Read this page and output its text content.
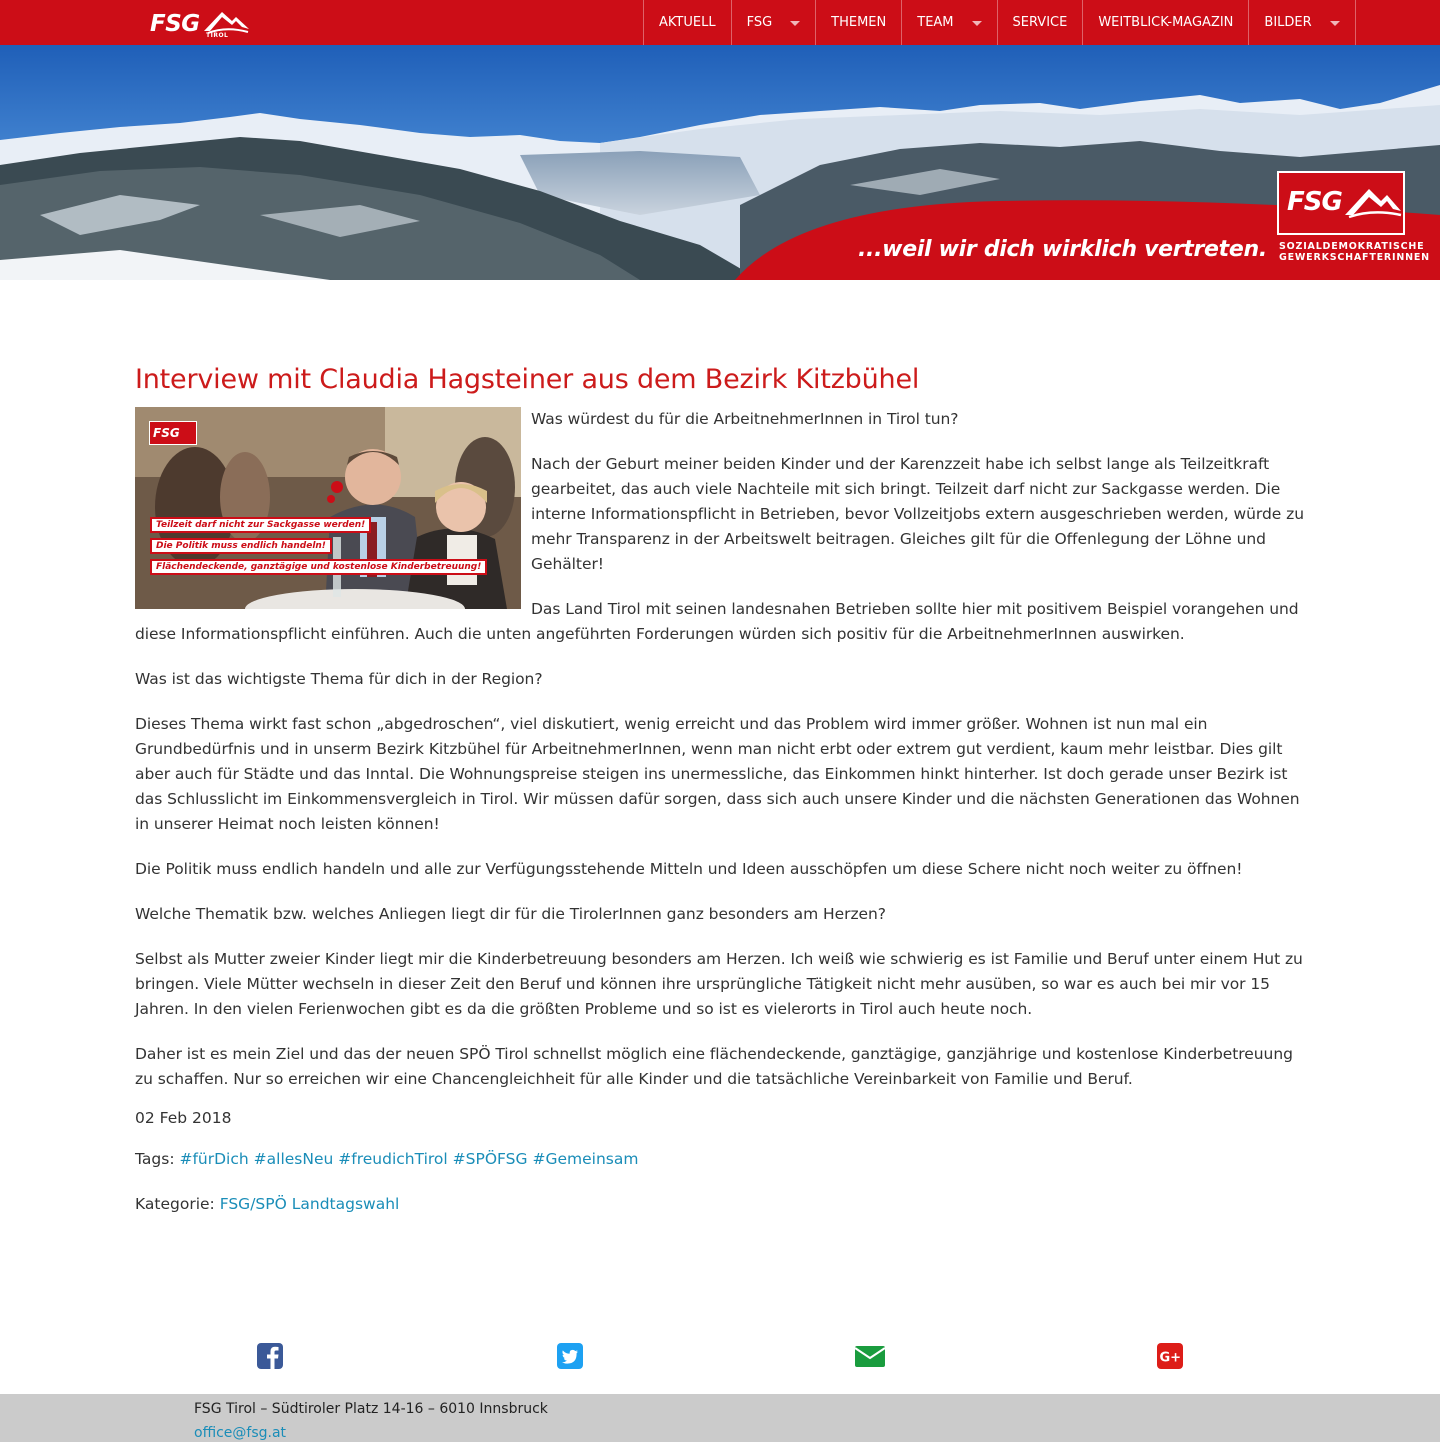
FSG TIROL
AKTUELL FSG	THEMEN TEAM	SERVICE WEITBLICK-MAGAZIN BILDER
...weil wir dich wirklich vertreten.
FSG
SOZIALDEMOKRATISCHE
GEWERKSCHAFTERINNEN
Interview mit Claudia Hagsteiner aus dem Bezirk Kitzbühel
FSG
Teilzeit darf nicht zur Sackgasse werden!
Die Politik muss endlich handeln!
Flächendeckende, ganztägige und kostenlose Kinderbetreuung!

Was würdest du für die ArbeitnehmerInnen in Tirol tun?

Nach der Geburt meiner beiden Kinder und der Karenzzeit habe ich selbst lange als Teilzeitkraft gearbeitet, das auch viele Nachteile mit sich bringt. Teilzeit darf nicht zur Sackgasse werden. Die interne Informationspflicht in Betrieben, bevor Vollzeitjobs extern ausgeschrieben werden, würde zu mehr Transparenz in der Arbeitswelt beitragen. Gleiches gilt für die Offenlegung der Löhne und Gehälter!

Das Land Tirol mit seinen landesnahen Betrieben sollte hier mit positivem Beispiel vorangehen und diese Informationspflicht einführen. Auch die unten angeführten Forderungen würden sich positiv für die ArbeitnehmerInnen auswirken.

Was ist das wichtigste Thema für dich in der Region?

Dieses Thema wirkt fast schon „abgedroschen“, viel diskutiert, wenig erreicht und das Problem wird immer größer. Wohnen ist nun mal ein Grundbedürfnis und in unserm Bezirk Kitzbühel für ArbeitnehmerInnen, wenn man nicht erbt oder extrem gut verdient, kaum mehr leistbar. Dies gilt aber auch für Städte und das Inntal. Die Wohnungspreise steigen ins unermessliche, das Einkommen hinkt hinterher. Ist doch gerade unser Bezirk ist das Schlusslicht im Einkommensvergleich in Tirol. Wir müssen dafür sorgen, dass sich auch unsere Kinder und die nächsten Generationen das Wohnen in unserer Heimat noch leisten können!

Die Politik muss endlich handeln und alle zur Verfügungsstehende Mitteln und Ideen ausschöpfen um diese Schere nicht noch weiter zu öffnen!

Welche Thematik bzw. welches Anliegen liegt dir für die TirolerInnen ganz besonders am Herzen?

Selbst als Mutter zweier Kinder liegt mir die Kinderbetreuung besonders am Herzen. Ich weiß wie schwierig es ist Familie und Beruf unter einem Hut zu bringen. Viele Mütter wechseln in dieser Zeit den Beruf und können ihre ursprüngliche Tätigkeit nicht mehr ausüben, so war es auch bei mir vor 15 Jahren. In den vielen Ferienwochen gibt es da die größten Probleme und so ist es vielerorts in Tirol auch heute noch.

Daher ist es mein Ziel und das der neuen SPÖ Tirol schnellst möglich eine flächendeckende, ganztägige, ganzjährige und kostenlose Kinderbetreuung zu schaffen. Nur so erreichen wir eine Chancengleichheit für alle Kinder und die tatsächliche Vereinbarkeit von Familie und Beruf.

02 Feb 2018
Tags: #fürDich #allesNeu #freudichTirol #SPÖFSG #Gemeinsam
Kategorie: FSG/SPÖ Landtagswahl
G+
FSG Tirol – Südtiroler Platz 14-16 – 6010 Innsbruck
office@fsg.at
